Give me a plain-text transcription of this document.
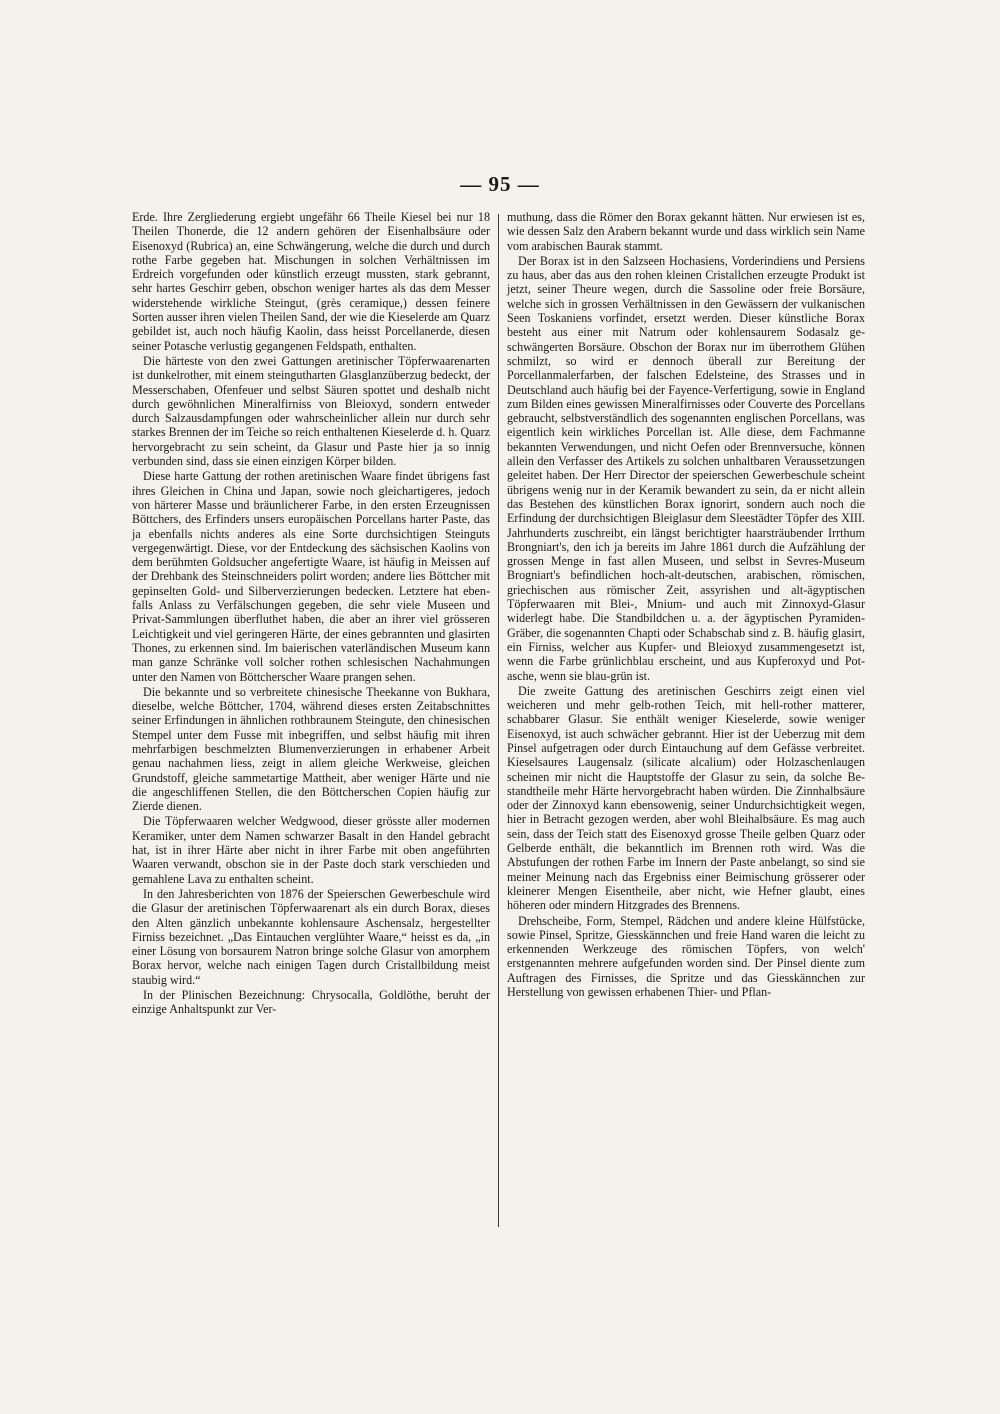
— 95 —

Erde. Ihre Zergliederung ergiebt ungefähr 66 Theile Kiesel bei nur 18 Theilen Thonerde, die 12 andern gehören der Eisenhalbsäure oder Eisenoxyd (Rubrica) an, eine Schwängerung, welche die durch und durch rothe Farbe gegeben hat. Mischungen in solchen Verhältnissen im Erdreich vorgefunden oder künstlich erzeugt mussten, stark gebrannt, sehr hartes Geschirr geben, obschon weniger hartes als das dem Messer widerstehende wirkliche Steingut, (grès ceramique,) dessen feinere Sorten ausser ihren vielen Theilen Sand, der wie die Kieselerde am Quarz gebildet ist, auch noch häufig Kaolin, dass heisst Porcellanerde, diesen seiner Potasche verlustig gegangenen Feldspath, enthalten.

Die härteste von den zwei Gattungen aretinischer Töpferwaarenarten ist dunkelrother, mit einem steingutharten Glasglanzüberzug bedeckt, der Messerschaben, Ofenfeuer und selbst Säuren spottet und deshalb nicht durch gewöhnlichen Mineralfirniss von Bleioxyd, sondern entweder durch Salzausdampfungen oder wahrscheinlicher allein nur durch sehr starkes Brennen der im Teiche so reich enthaltenen Kieselerde d. h. Quarz hervorgebracht zu sein scheint, da Glasur und Paste hier ja so innig verbunden sind, dass sie einen einzigen Körper bilden.

Diese harte Gattung der rothen aretinischen Waare findet übrigens fast ihres Gleichen in China und Japan, sowie noch gleichartigeres, jedoch von härterer Masse und bräunlicherer Farbe, in den ersten Erzeugnissen Böttchers, des Erfinders unsers europäischen Porcellans harter Paste, das ja ebenfalls nichts anderes als eine Sorte durchsichtigen Steinguts vergegenwärtigt. Diese, vor der Entdeckung des sächsischen Kaolins von dem berühmten Goldsucher angefertigte Waare, ist häufig in Meissen auf der Drehbank des Steinschneiders polirt worden; andere lies Böttcher mit gepinselten Gold- und Silberverzierungen bedecken. Letztere hat ebenfalls Anlass zu Verfälschungen gegeben, die sehr viele Museen und Privat-Sammlungen überfluthet haben, die aber an ihrer viel grösseren Leichtigkeit und viel geringeren Härte, der eines gebrannten und glasirten Thones, zu erkennen sind. Im baierischen vaterländischen Museum kann man ganze Schränke voll solcher rothen schlesischen Nachahmungen unter den Namen von Böttcherscher Waare prangen sehen.

Die bekannte und so verbreitete chinesische Theekanne von Bukhara, dieselbe, welche Böttcher, 1704, während dieses ersten Zeitabschnittes seiner Erfindungen in ähnlichen rothbraunem Steingute, den chinesischen Stempel unter dem Fusse mit inbegriffen, und selbst häufig mit ihren mehrfarbigen beschmelzten Blumenverzierungen in erhabener Arbeit genau nachahmen liess, zeigt in allem gleiche Werkweise, gleichen Grundstoff, gleiche sammetartige Mattheit, aber weniger Härte und nie die angeschliffenen Stellen, die den Böttcherschen Copien häufig zur Zierde dienen.

Die Töpferwaaren welcher Wedgwood, dieser grösste aller modernen Keramiker, unter dem Namen schwarzer Basalt in den Handel gebracht hat, ist in ihrer Härte aber nicht in ihrer Farbe mit oben angeführten Waaren verwandt, obschon sie in der Paste doch stark verschieden und gemahlene Lava zu enthalten scheint.

In den Jahresberichten von 1876 der Speierschen Gewerbeschule wird die Glasur der aretinischen Töpferwaarenart als ein durch Borax, dieses den Alten gänzlich unbekannte kohlensaure Aschensalz, hergestellter Firniss bezeichnet. „Das Eintauchen verglühter Waare,“ heisst es da, „in einer Lösung von borsaurem Natron bringe solche Glasur von amorphem Borax hervor, welche nach einigen Tagen durch Cristallbildung meist staubig wird.“

In der Plinischen Bezeichnung: Chrysocalla, Goldlöthe, beruht der einzige Anhaltspunkt zur Ver-

muthung, dass die Römer den Borax gekannt hätten. Nur erwiesen ist es, wie dessen Salz den Arabern bekannt wurde und dass wirklich sein Name vom arabischen Baurak stammt.

Der Borax ist in den Salzseen Hochasiens, Vorderindiens und Persiens zu haus, aber das aus den rohen kleinen Cristallchen erzeugte Produkt ist jetzt, seiner Theure wegen, durch die Sassoline oder freie Borsäure, welche sich in grossen Verhältnissen in den Gewässern der vulkanischen Seen Toskaniens vorfindet, ersetzt werden. Dieser künstliche Borax besteht aus einer mit Natrum oder kohlensaurem Sodasalz geschwängerten Borsäure. Obschon der Borax nur im überrothem Glühen schmilzt, so wird er dennoch überall zur Bereitung der Porcellanmalerfarben, der falschen Edelsteine, des Strasses und in Deutschland auch häufig bei der Fayence-Verfertigung, sowie in England zum Bilden eines gewissen Mineralfirnisses oder Couverte des Porcellans gebraucht, selbstverständlich des sogenannten englischen Porcellans, was eigentlich kein wirkliches Porcellan ist. Alle diese, dem Fachmanne bekannten Verwendungen, und nicht Oefen oder Brennversuche, können allein den Verfasser des Artikels zu solchen unhaltbaren Veraussetzungen geleitet haben. Der Herr Director der speierschen Gewerbeschule scheint übrigens wenig nur in der Keramik bewandert zu sein, da er nicht allein das Bestehen des künstlichen Borax ignorirt, sondern auch noch die Erfindung der durchsichtigen Bleiglasur dem Sleestädter Töpfer des XIII. Jahrhunderts zuschreibt, ein längst berichtigter haarsträubender Irrthum Brongniart's, den ich ja bereits im Jahre 1861 durch die Aufzählung der grossen Menge in fast allen Museen, und selbst in Sevres-Museum Brogniart's befindlichen hoch-alt-deutschen, arabischen, römischen, griechischen aus römischer Zeit, assyrishen und alt-ägyptischen Töpferwaaren mit Blei-, Mnium- und auch mit Zinnoxyd-Glasur widerlegt habe. Die Standbildchen u. a. der ägyptischen Pyramiden-Gräber, die sogenannten Chapti oder Schabschab sind z. B. häufig glasirt, ein Firniss, welcher aus Kupfer- und Bleioxyd zusammengesetzt ist, wenn die Farbe grünlichblau erscheint, und aus Kupferoxyd und Potasche, wenn sie blau-grün ist.

Die zweite Gattung des aretinischen Geschirrs zeigt einen viel weicheren und mehr gelb-rothen Teich, mit hell-rother matterer, schabbarer Glasur. Sie enthält weniger Kieselerde, sowie weniger Eisenoxyd, ist auch schwächer gebrannt. Hier ist der Ueberzug mit dem Pinsel aufgetragen oder durch Eintauchung auf dem Gefässe verbreitet. Kieselsaures Laugensalz (silicate alcalium) oder Holzaschenlaugen scheinen mir nicht die Hauptstoffe der Glasur zu sein, da solche Bestandtheile mehr Härte hervorgebracht haben würden. Die Zinnhalbsäure oder der Zinnoxyd kann ebensowenig, seiner Undurchsichtigkeit wegen, hier in Betracht gezogen werden, aber wohl Bleihalbsäure. Es mag auch sein, dass der Teich statt des Eisenoxyd grosse Theile gelben Quarz oder Gelberde enthält, die bekanntlich im Brennen roth wird. Was die Abstufungen der rothen Farbe im Innern der Paste anbelangt, so sind sie meiner Meinung nach das Ergebniss einer Beimischung grösserer oder kleinerer Mengen Eisentheile, aber nicht, wie Hefner glaubt, eines höheren oder mindern Hitzgrades des Brennens.

Drehscheibe, Form, Stempel, Rädchen und andere kleine Hülfstücke, sowie Pinsel, Spritze, Giesskännchen und freie Hand waren die leicht zu erkennenden Werkzeuge des römischen Töpfers, von welch' erstgenannten mehrere aufgefunden worden sind. Der Pinsel diente zum Auftragen des Firnisses, die Spritze und das Giesskännchen zur Herstellung von gewissen erhabenen Thier- und Pflan-
